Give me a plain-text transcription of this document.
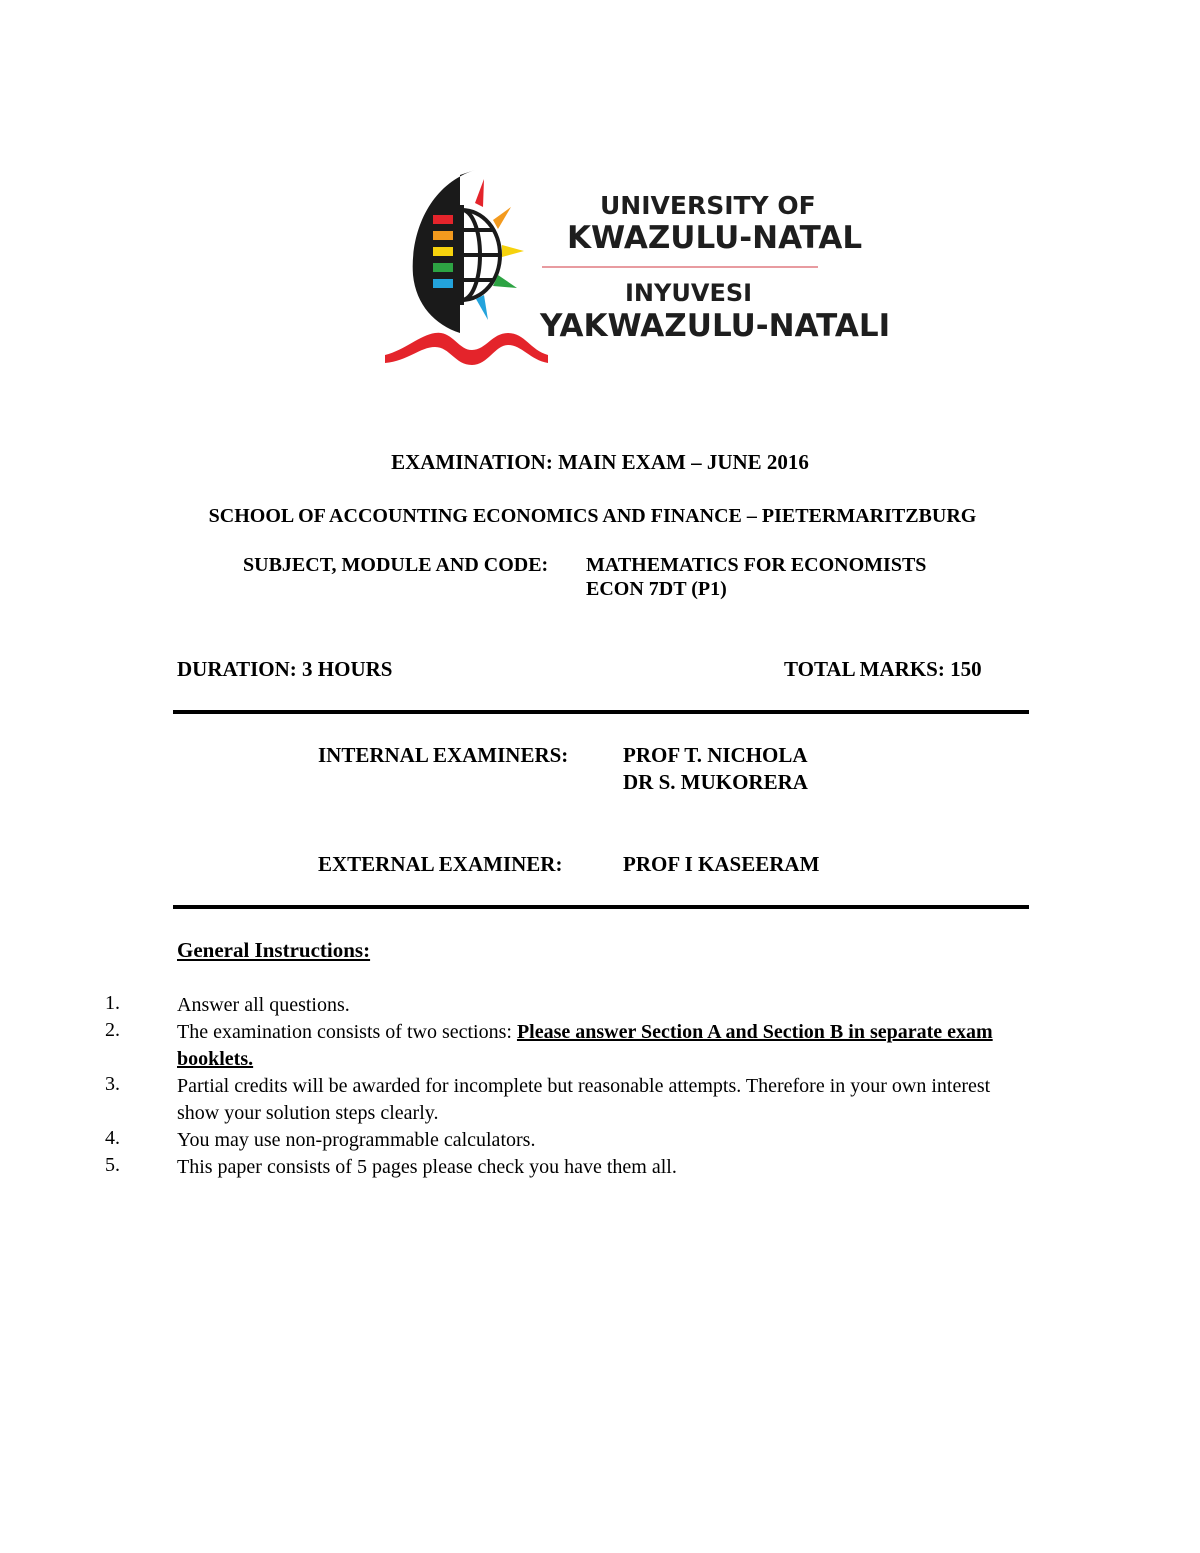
UNIVERSITY OF
KWAZULU-NATAL
INYUVESI
YAKWAZULU-NATALI
EXAMINATION: MAIN EXAM – JUNE 2016
SCHOOL OF ACCOUNTING ECONOMICS AND FINANCE – PIETERMARITZBURG
SUBJECT, MODULE AND CODE: MATHEMATICS FOR ECONOMISTS
ECON 7DT (P1)
DURATION: 3 HOURS	TOTAL MARKS: 150
INTERNAL EXAMINERS:	PROF T. NICHOLA
DR S. MUKORERA
EXTERNAL EXAMINER:	PROF I KASEERAM
General Instructions:
1.	Answer all questions.
2.	The examination consists of two sections: Please answer Section A and Section B in separate exam booklets.
3.	Partial credits will be awarded for incomplete but reasonable attempts. Therefore in your own interest show your solution steps clearly.
4.	You may use non-programmable calculators.
5.	This paper consists of 5 pages please check you have them all.
